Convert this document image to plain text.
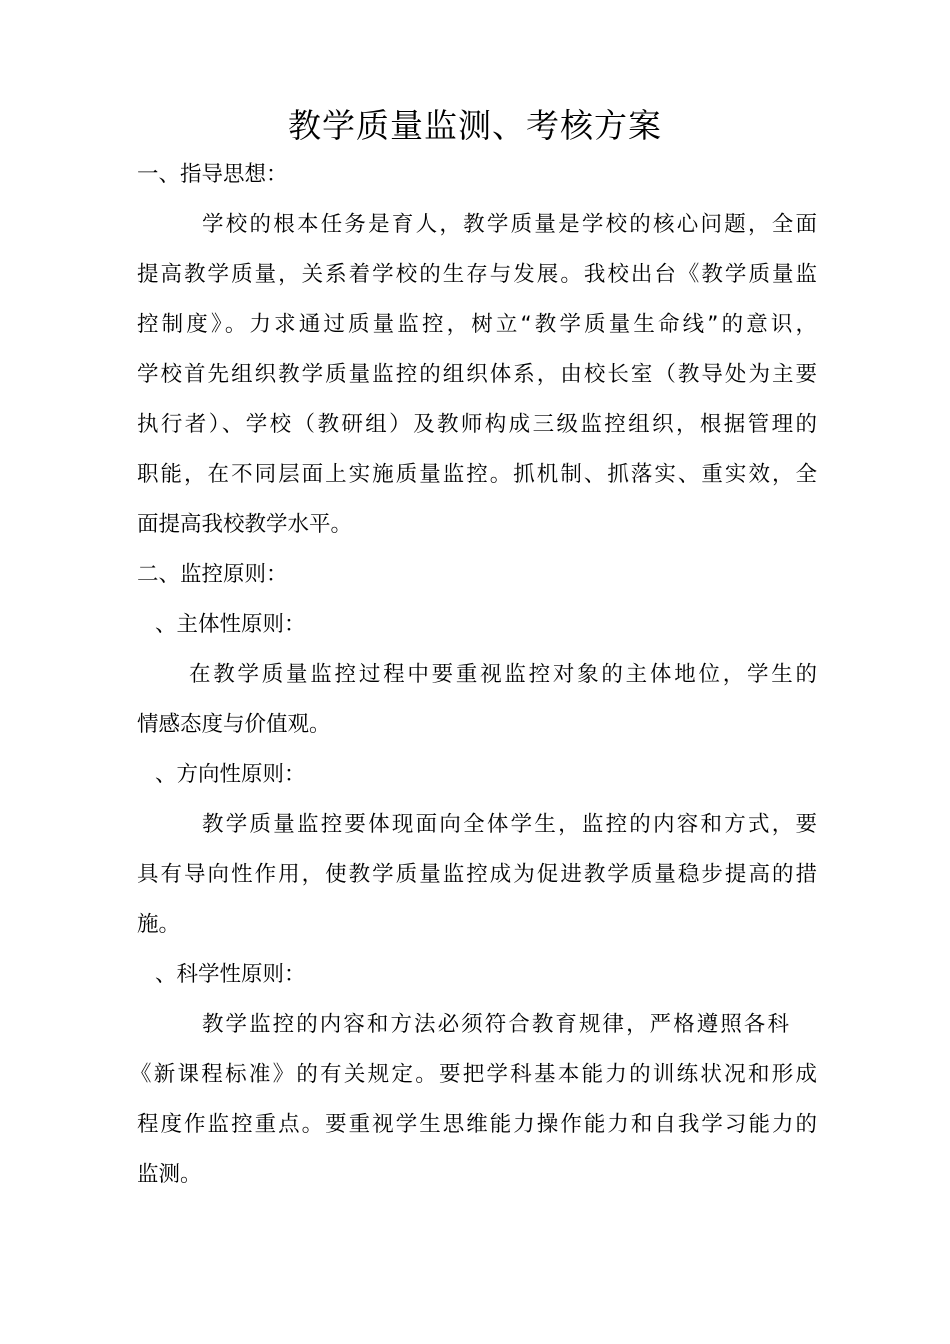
教学质量监测、考核方案
一、指导思想：
学校的根本任务是育人，教学质量是学校的核心问题，全面
提高教学质量，关系着学校的生存与发展。我校出台《教学质量监
控制度》。力求通过质量监控，树立“教学质量生命线”的意识，
学校首先组织教学质量监控的组织体系，由校长室（教导处为主要
执行者）、学校（教研组）及教师构成三级监控组织，根据管理的
职能，在不同层面上实施质量监控。抓机制、抓落实、重实效，全
面提高我校教学水平。
二、监控原则：
、主体性原则：
在教学质量监控过程中要重视监控对象的主体地位，学生的
情感态度与价值观。
、方向性原则：
教学质量监控要体现面向全体学生，监控的内容和方式，要
具有导向性作用，使教学质量监控成为促进教学质量稳步提高的措
施。
、科学性原则：
教学监控的内容和方法必须符合教育规律，严格遵照各科
《新课程标准》的有关规定。要把学科基本能力的训练状况和形成
程度作监控重点。要重视学生思维能力操作能力和自我学习能力的
监测。
